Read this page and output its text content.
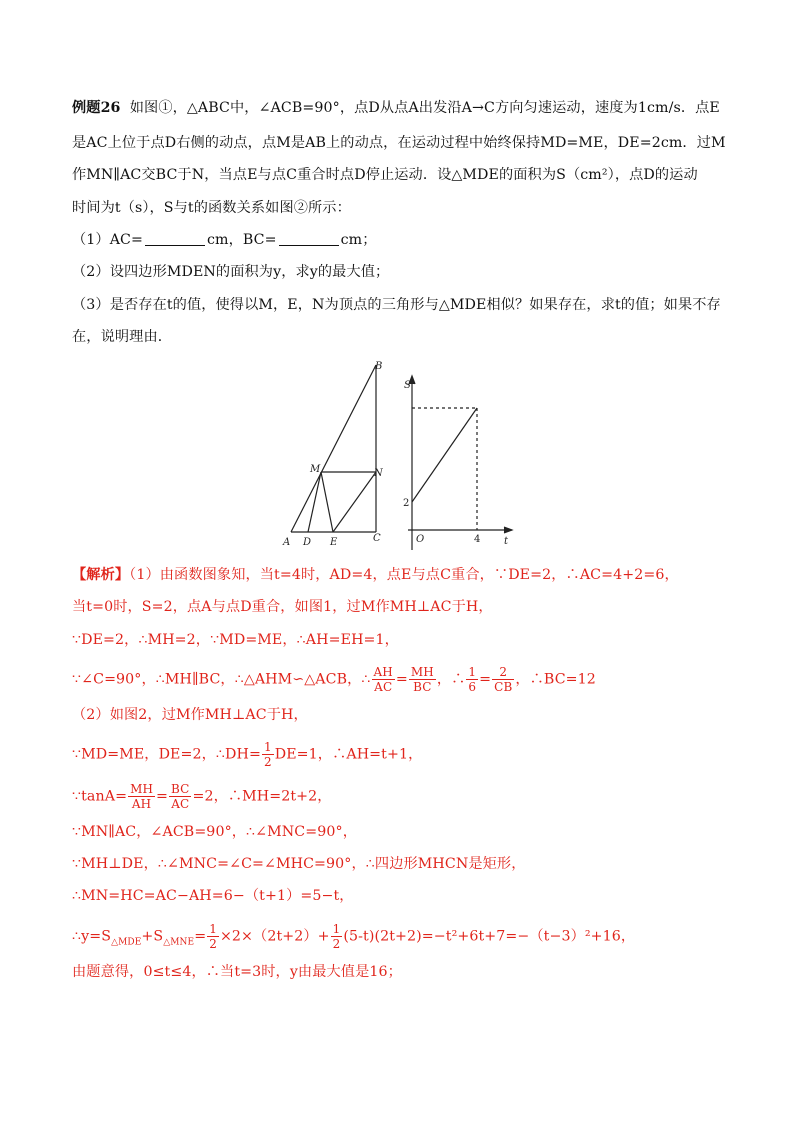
例题26 如图①，△ABC中，∠ACB=90°，点D从点A出发沿A→C方向匀速运动，速度为1cm/s．点E
是AC上位于点D右侧的动点，点M是AB上的动点，在运动过程中始终保持MD=ME，DE=2cm．过M
作MN∥AC交BC于N，当点E与点C重合时点D停止运动．设△MDE的面积为S（cm²），点D的运动
时间为t（s），S与t的函数关系如图②所示：
（1）AC=	cm，BC=	cm；
（2）设四边形MDEN的面积为y，求y的最大值；
（3）是否存在t的值，使得以M，E，N为顶点的三角形与△MDE相似？如果存在，求t的值；如果不存
在，说明理由．
A D E	C
B
M	N
S
t
O	4
2
【解析】（1）由函数图象知，当t=4时，AD=4，点E与点C重合，∵DE=2，∴AC=4+2=6，
当t=0时，S=2，点A与点D重合，如图1，过M作MH⊥AC于H，
∵DE=2，∴MH=2，∵MD=ME，∴AH=EH=1，
∵∠C=90°，∴MH∥BC，∴△AHM∽△ACB，∴ $\frac{AH}{AC} = \frac{MH}{BC}$ ，∴ $\frac{1}{6} = \frac{2}{CB}$ ，∴BC=12
（2）如图2，过M作MH⊥AC于H，
∵MD=ME，DE=2，∴DH= $\frac{1}{2} DE=1$，∴AH=t+1，
∵tanA= $\frac{MH}{AH} = \frac{BC}{AC} =2$，∴MH=2t+2，
∵MN∥AC，∠ACB=90°，∴∠MNC=90°，
∵MH⊥DE，∴∠MNC=∠C=∠MHC=90°，∴四边形MHCN是矩形，
∴MN=HC=AC−AH=6−（t+1）=5−t，
$\therefore y=S_{\triangle MDE}+S_{\triangle MNE}= \frac{1}{2} \times 2\times(2t+2)+ \frac{1}{2} (5-t)(2t+2)=-t^2+6t+7=-(t-3)^2+16$，
由题意得，0≤t≤4，∴当t=3时，y由最大值是16；
